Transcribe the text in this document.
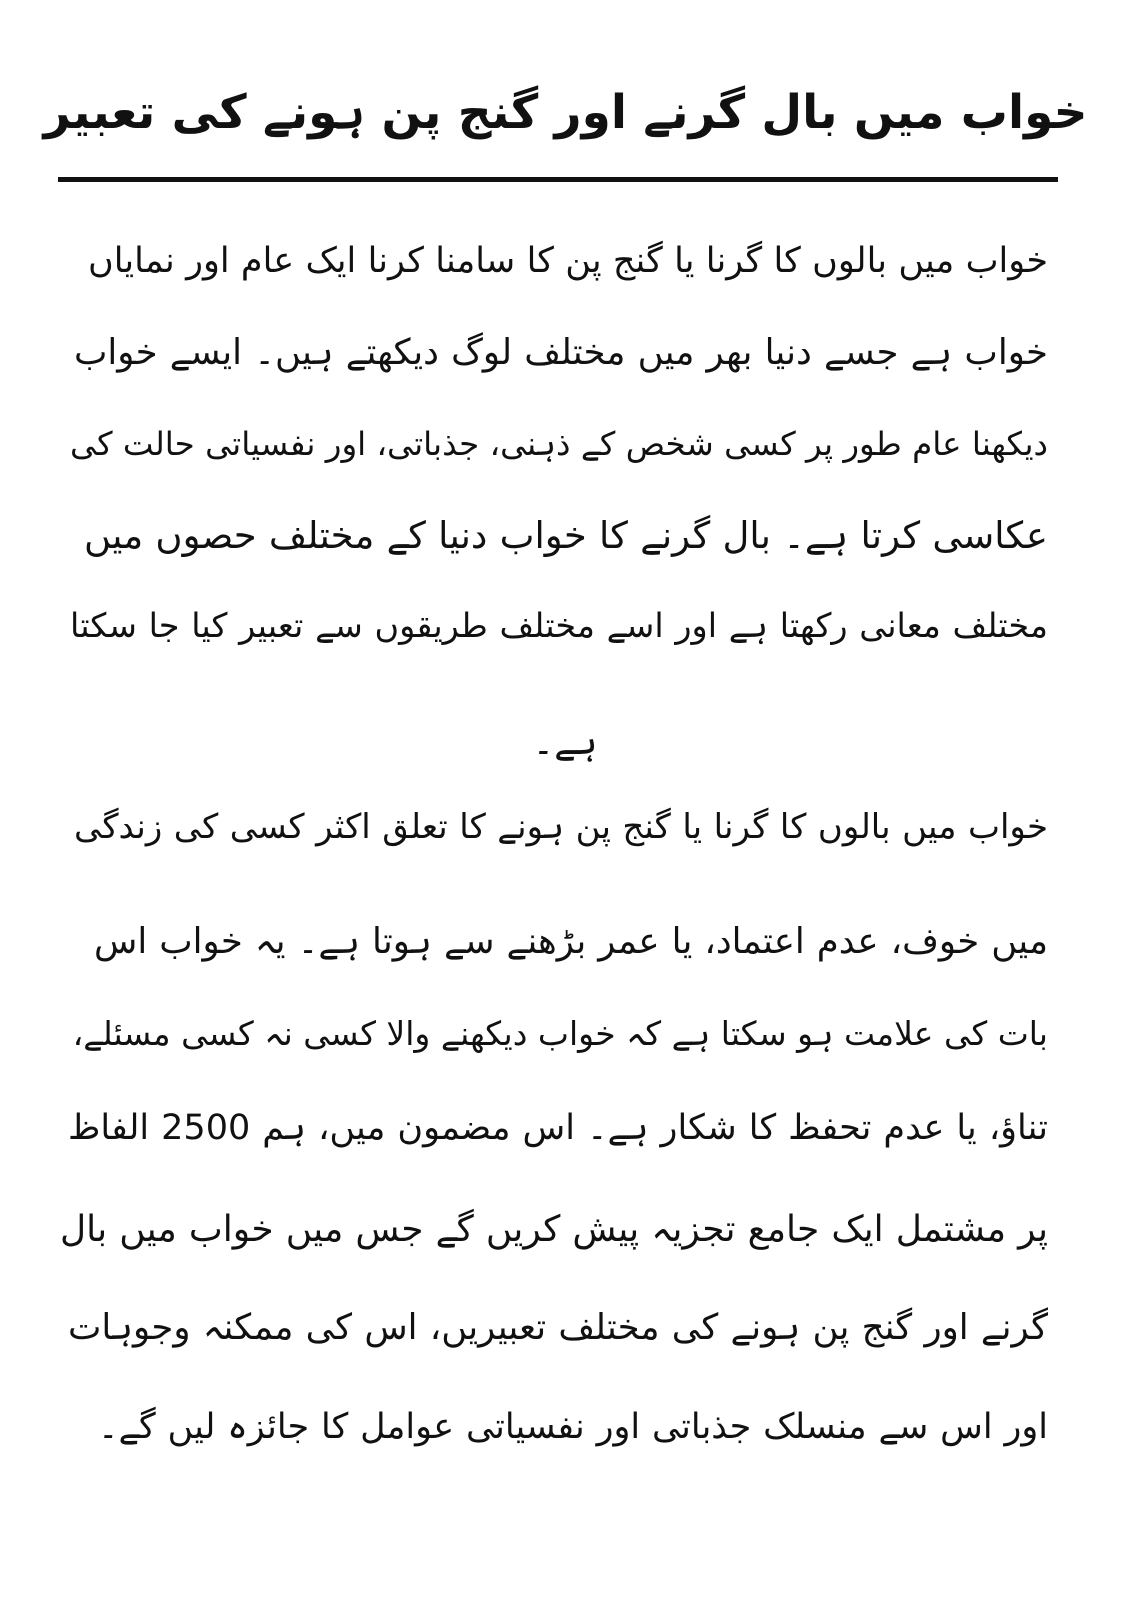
خواب میں بال گرنے اور گنج پن ہونے کی تعبیر

خواب میں بالوں کا گرنا یا گنج پن کا سامنا کرنا ایک عام اور نمایاں

خواب ہے جسے دنیا بھر میں مختلف لوگ دیکھتے ہیں۔ ایسے خواب

دیکھنا عام طور پر کسی شخص کے ذہنی، جذباتی، اور نفسیاتی حالت کی

عکاسی کرتا ہے۔ بال گرنے کا خواب دنیا کے مختلف حصوں میں

مختلف معانی رکھتا ہے اور اسے مختلف طریقوں سے تعبیر کیا جا سکتا

ہے۔

خواب میں بالوں کا گرنا یا گنج پن ہونے کا تعلق اکثر کسی کی زندگی

میں خوف، عدم اعتماد، یا عمر بڑھنے سے ہوتا ہے۔ یہ خواب اس

بات کی علامت ہو سکتا ہے کہ خواب دیکھنے والا کسی نہ کسی مسئلے،

تناؤ، یا عدم تحفظ کا شکار ہے۔ اس مضمون میں، ہم 2500 الفاظ

پر مشتمل ایک جامع تجزیہ پیش کریں گے جس میں خواب میں بال

گرنے اور گنج پن ہونے کی مختلف تعبیریں، اس کی ممکنہ وجوہات

اور اس سے منسلک جذباتی اور نفسیاتی عوامل کا جائزہ لیں گے۔
